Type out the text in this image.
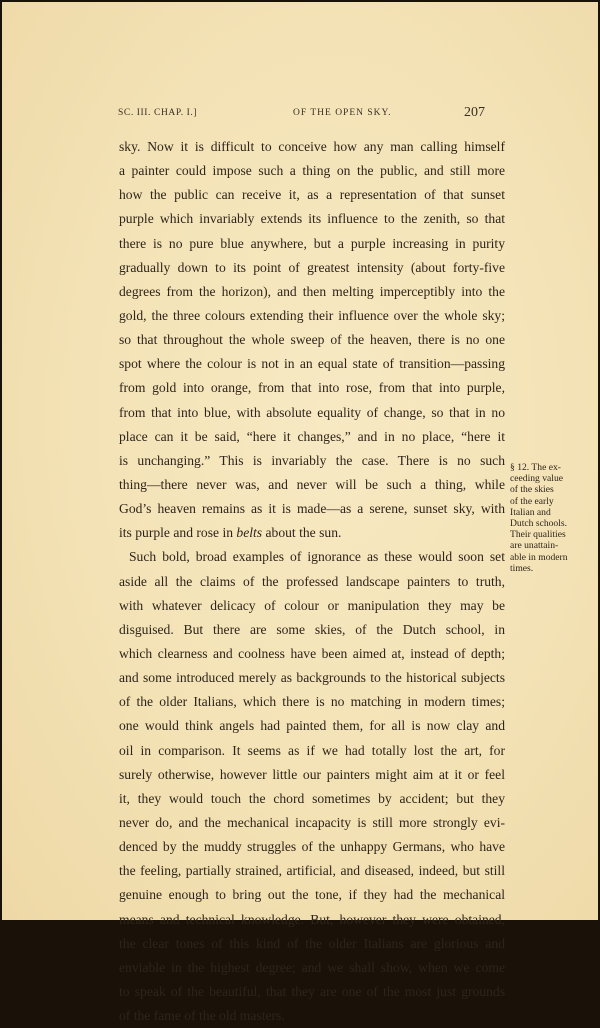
SC. III. CHAP. I.]	OF THE OPEN SKY.	207
sky. Now it is difficult to conceive how any man calling himself
a painter could impose such a thing on the public, and still more
how the public can receive it, as a representation of that sunset
purple which invariably extends its influence to the zenith, so that
there is no pure blue anywhere, but a purple increasing in purity
gradually down to its point of greatest intensity (about forty-five
degrees from the horizon), and then melting imperceptibly into the
gold, the three colours extending their influence over the whole sky;
so that throughout the whole sweep of the heaven, there is no one
spot where the colour is not in an equal state of transition—passing
from gold into orange, from that into rose, from that into purple,
from that into blue, with absolute equality of change, so that in no
place can it be said, “here it changes,” and in no place, “here it
is unchanging.” This is invariably the case. There is no such
thing—there never was, and never will be such a thing, while
God’s heaven remains as it is made—as a serene, sunset sky, with
its purple and rose in belts about the sun.
Such bold, broad examples of ignorance as these would soon set
aside all the claims of the professed landscape painters to truth,
with whatever delicacy of colour or manipulation they may be
disguised. But there are some skies, of the Dutch school, in
which clearness and coolness have been aimed at, instead of depth;
and some introduced merely as backgrounds to the historical subjects
of the older Italians, which there is no matching in modern times;
one would think angels had painted them, for all is now clay and
oil in comparison. It seems as if we had totally lost the art, for
surely otherwise, however little our painters might aim at it or feel
it, they would touch the chord sometimes by accident; but they
never do, and the mechanical incapacity is still more strongly evi-
denced by the muddy struggles of the unhappy Germans, who have
the feeling, partially strained, artificial, and diseased, indeed, but still
genuine enough to bring out the tone, if they had the mechanical
means and technical knowledge. But, however they were obtained,
the clear tones of this kind of the older Italians are glorious and
enviable in the highest degree; and we shall show, when we come
to speak of the beautiful, that they are one of the most just grounds
of the fame of the old masters.
§ 12. The ex-
ceeding value
of the skies
of the early
Italian and
Dutch schools.
Their qualities
are unattain-
able in modern
times.
